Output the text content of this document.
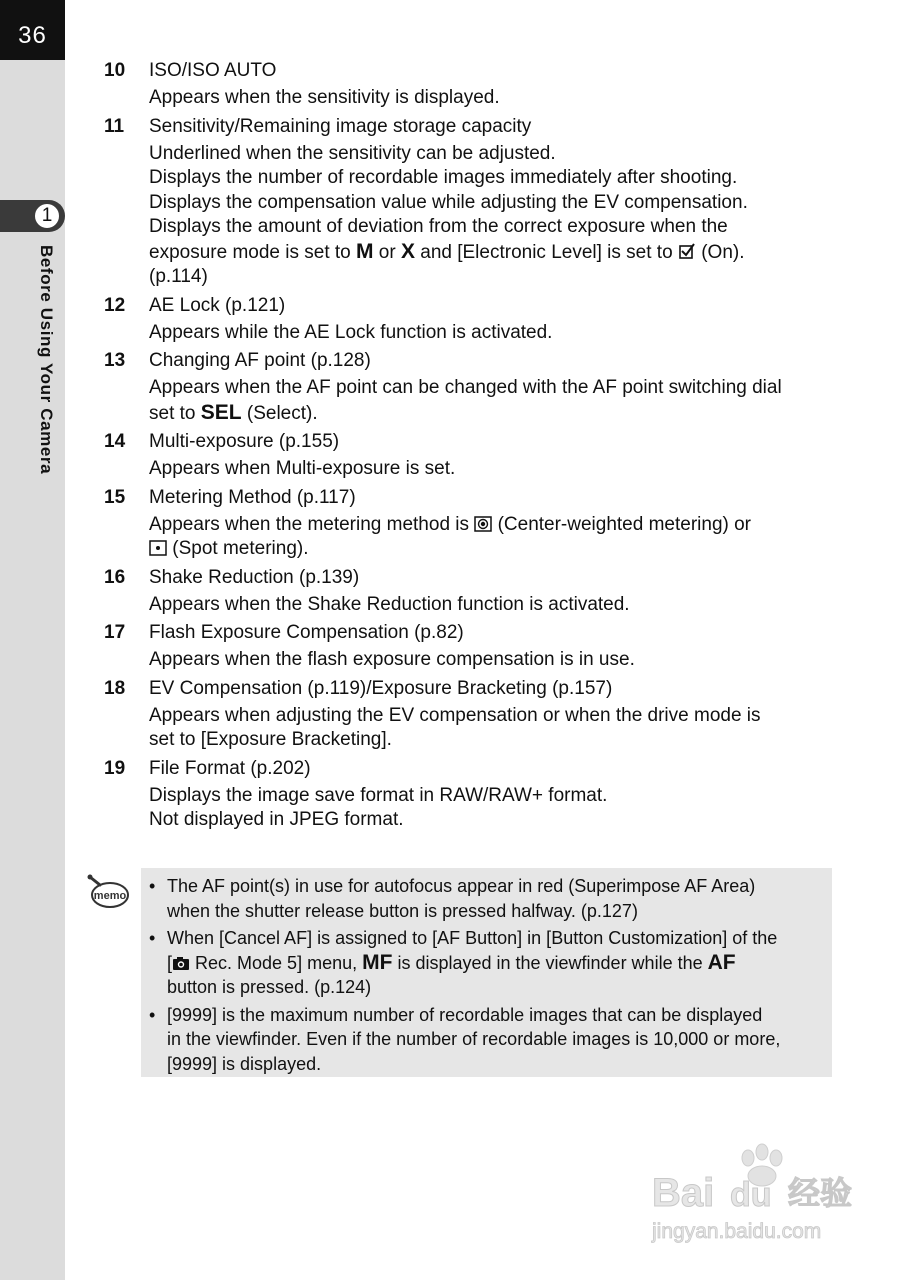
36
1
Before Using Your Camera
10	ISO/ISO AUTO
Appears when the sensitivity is displayed.
11	Sensitivity/Remaining image storage capacity
Underlined when the sensitivity can be adjusted.
Displays the number of recordable images immediately after shooting.
Displays the compensation value while adjusting the EV compensation.
Displays the amount of deviation from the correct exposure when the
exposure mode is set to M or X and [Electronic Level] is set to  (On).
(p.114)
12	AE Lock (p.121)
Appears while the AE Lock function is activated.
13	Changing AF point (p.128)
Appears when the AF point can be changed with the AF point switching dial
set to SEL (Select).
14	Multi-exposure (p.155)
Appears when Multi-exposure is set.
15	Metering Method (p.117)
Appears when the metering method is  (Center-weighted metering) or
(Spot metering).
16	Shake Reduction (p.139)
Appears when the Shake Reduction function is activated.
17	Flash Exposure Compensation (p.82)
Appears when the flash exposure compensation is in use.
18	EV Compensation (p.119)/Exposure Bracketing (p.157)
Appears when adjusting the EV compensation or when the drive mode is
set to [Exposure Bracketing].
19	File Format (p.202)
Displays the image save format in RAW/RAW+ format.
Not displayed in JPEG format.
memo • The AF point(s) in use for autofocus appear in red (Superimpose AF Area)
when the shutter release button is pressed halfway. (p.127)
• When [Cancel AF] is assigned to [AF Button] in [Button Customization] of the
[ Rec. Mode 5] menu, MF is displayed in the viewfinder while the AF
button is pressed. (p.124)
• [9999] is the maximum number of recordable images that can be displayed
in the viewfinder. Even if the number of recordable images is 10,000 or more,
[9999] is displayed.
Bai du 经验
jingyan.baidu.com
